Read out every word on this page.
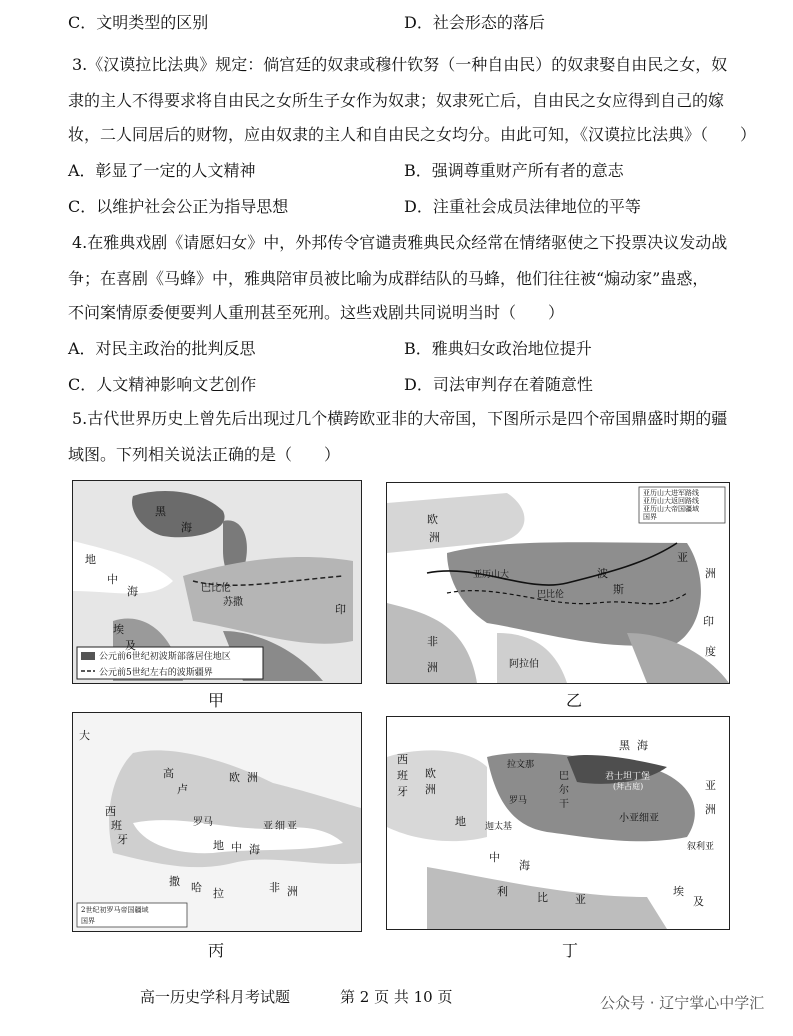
C．文明类型的区别	D．社会形态的落后
3.《汉谟拉比法典》规定：倘宫廷的奴隶或穆什钦努（一种自由民）的奴隶娶自由民之女，奴
隶的主人不得要求将自由民之女所生子女作为奴隶；奴隶死亡后，自由民之女应得到自己的嫁
妆，二人同居后的财物，应由奴隶的主人和自由民之女均分。由此可知，《汉谟拉比法典》（　　）
A．彰显了一定的人文精神	B．强调尊重财产所有者的意志
C．以维护社会公正为指导思想	D．注重社会成员法律地位的平等
4.在雅典戏剧《请愿妇女》中，外邦传令官谴责雅典民众经常在情绪驱使之下投票决议发动战
争；在喜剧《马蜂》中，雅典陪审员被比喻为成群结队的马蜂，他们往往被“煽动家”蛊惑，
不问案情原委便要判人重刑甚至死刑。这些戏剧共同说明当时（　　）
A．对民主政治的批判反思	B．雅典妇女政治地位提升
C．人文精神影响文艺创作	D．司法审判存在着随意性
5.古代世界历史上曾先后出现过几个横跨欧亚非的大帝国，下图所示是四个帝国鼎盛时期的疆
域图。下列相关说法正确的是（　　）
黑
海
地
中
海
埃
及
巴比伦
苏撒
印
公元前6世纪初波斯部落居住地区
公元前5世纪左右的波斯疆界
甲
欧
洲
亚
洲
巴比伦
亚历山大
非
洲	阿拉伯
印
度
波
斯
亚历山大进军路线
亚历山大返回路线
亚历山大帝国疆域
国界
乙
大
高
卢
西
班
牙
罗马	亚 细 亚
地 中 海
非 洲
撒 哈 拉
欧 洲
2世纪初罗马帝国疆域
国界
丙
西
班
牙
欧
洲
拉文那
罗马
君士坦丁堡
(拜占庭)
迦太基
小亚细亚
地
中
海
利	比 亚
埃
及
叙利亚
巴
尔
干
亚
洲
黑 海
丁
高一历史学科月考试题	第 2 页 共 10 页	公众号 · 辽宁掌心中学汇
